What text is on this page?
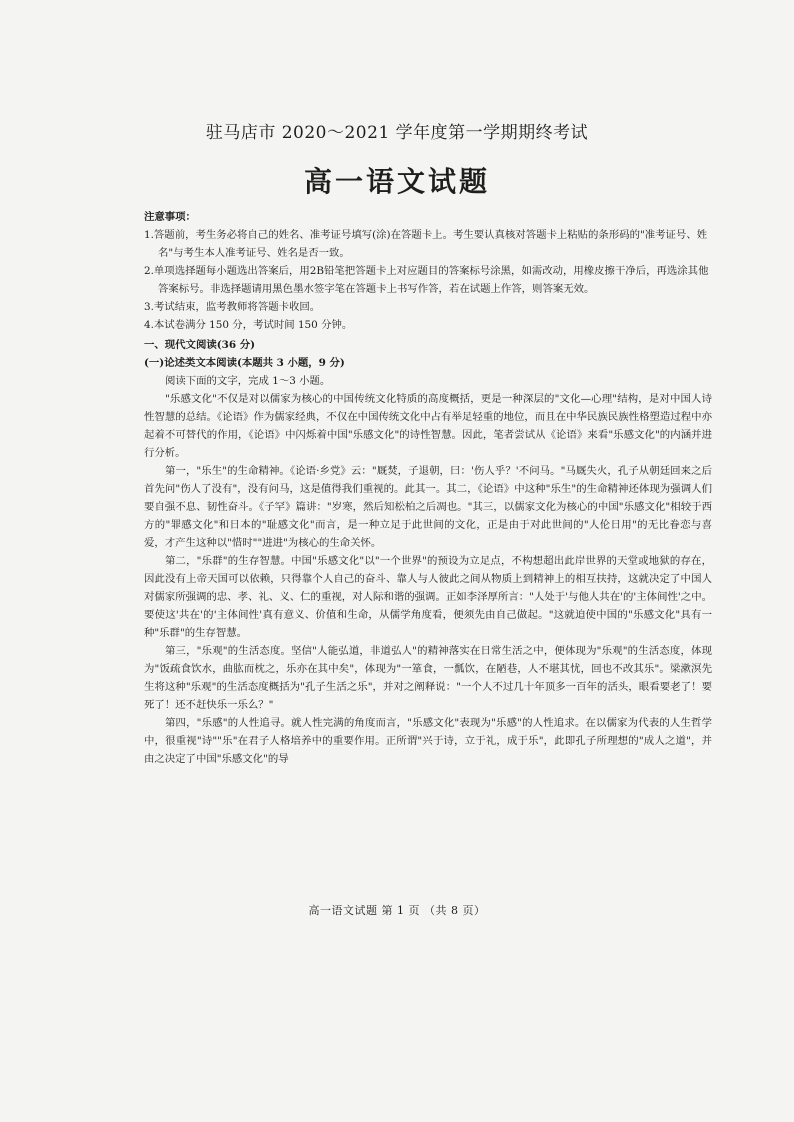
驻马店市 2020～2021 学年度第一学期期终考试
高一语文试题
注意事项：
1.答题前，考生务必将自己的姓名、准考证号填写(涂)在答题卡上。考生要认真核对答题卡上粘贴的条形码的"准考证号、姓名"与考生本人准考证号、姓名是否一致。
2.单项选择题每小题选出答案后，用2B铅笔把答题卡上对应题目的答案标号涂黑，如需改动，用橡皮擦干净后，再选涂其他答案标号。非选择题请用黑色墨水签字笔在答题卡上书写作答，若在试题上作答，则答案无效。
3.考试结束，监考教师将答题卡收回。
4.本试卷满分 150 分，考试时间 150 分钟。
一、现代文阅读(36 分)
(一)论述类文本阅读(本题共 3 小题，9 分)
阅读下面的文字，完成 1～3 小题。
"乐感文化"不仅是对以儒家为核心的中国传统文化特质的高度概括，更是一种深层的"文化—心理"结构，是对中国人诗性智慧的总结。《论语》作为儒家经典，不仅在中国传统文化中占有举足轻重的地位，而且在中华民族民族性格塑造过程中亦起着不可替代的作用，《论语》中闪烁着中国"乐感文化"的诗性智慧。因此，笔者尝试从《论语》来看"乐感文化"的内涵并进行分析。
第一，"乐生"的生命精神。《论语·乡党》云："厩焚，子退朝，曰：'伤人乎？'不问马。"马厩失火，孔子从朝廷回来之后首先问"伤人了没有"，没有问马，这是值得我们重视的。此其一。其二，《论语》中这种"乐生"的生命精神还体现为强调人们要自强不息、韧性奋斗。《子罕》篇讲："岁寒，然后知松柏之后凋也。"其三，以儒家文化为核心的中国"乐感文化"相较于西方的"罪感文化"和日本的"耻感文化"而言，是一种立足于此世间的文化，正是由于对此世间的"人伦日用"的无比眷恋与喜爱，才产生这种以"惜时""进进"为核心的生命关怀。
第二，"乐群"的生存智慧。中国"乐感文化"以"一个世界"的预设为立足点，不构想超出此岸世界的天堂或地狱的存在，因此没有上帝天国可以依赖，只得靠个人自己的奋斗、靠人与人彼此之间从物质上到精神上的相互扶持，这就决定了中国人对儒家所强调的忠、孝、礼、义、仁的重视，对人际和谐的强调。正如李泽厚所言："人处于'与他人共在'的'主体间性'之中。要使这'共在'的'主体间性'真有意义、价值和生命，从儒学角度看，便须先由自己做起。"这就迫使中国的"乐感文化"具有一种"乐群"的生存智慧。
第三，"乐观"的生活态度。坚信"人能弘道，非道弘人"的精神落实在日常生活之中，便体现为"乐观"的生活态度，体现为"饭疏食饮水，曲肱而枕之，乐亦在其中矣"，体现为"一箪食，一瓢饮，在陋巷，人不堪其忧，回也不改其乐"。梁漱溟先生将这种"乐观"的生活态度概括为"孔子生活之乐"，并对之阐释说："一个人不过几十年顶多一百年的活头，眼看要老了！要死了！还不赶快乐一乐么？"
第四，"乐感"的人性追寻。就人性完满的角度而言，"乐感文化"表现为"乐感"的人性追求。在以儒家为代表的人生哲学中，很重视"诗""乐"在君子人格培养中的重要作用。正所谓"兴于诗，立于礼，成于乐"，此即孔子所理想的"成人之道"，并由之决定了中国"乐感文化"的导
高一语文试题 第 1 页 （共 8 页）
